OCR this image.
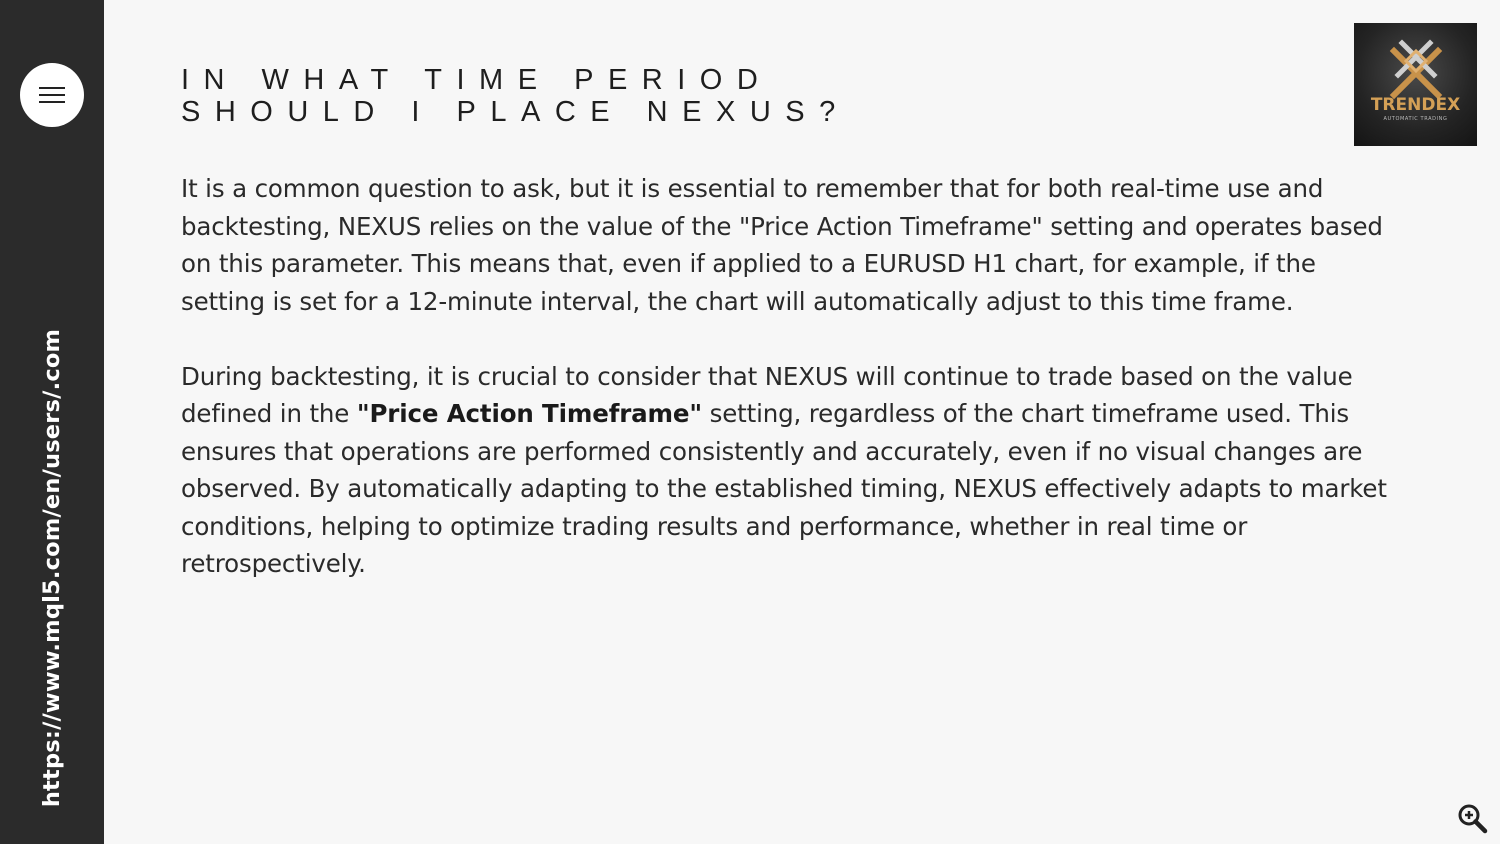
https://www.mql5.com/en/users/.com
IN WHAT TIME PERIOD
SHOULD I PLACE NEXUS?

It is a common question to ask, but it is essential to remember that for both real-time use and backtesting, NEXUS relies on the value of the "Price Action Timeframe" setting and operates based on this parameter. This means that, even if applied to a EURUSD H1 chart, for example, if the setting is set for a 12-minute interval, the chart will automatically adjust to this time frame.

During backtesting, it is crucial to consider that NEXUS will continue to trade based on the value defined in the "Price Action Timeframe" setting, regardless of the chart timeframe used. This ensures that operations are performed consistently and accurately, even if no visual changes are observed. By automatically adapting to the established timing, NEXUS effectively adapts to market conditions, helping to optimize trading results and performance, whether in real time or retrospectively.

TRENDEX
AUTOMATIC TRADING
